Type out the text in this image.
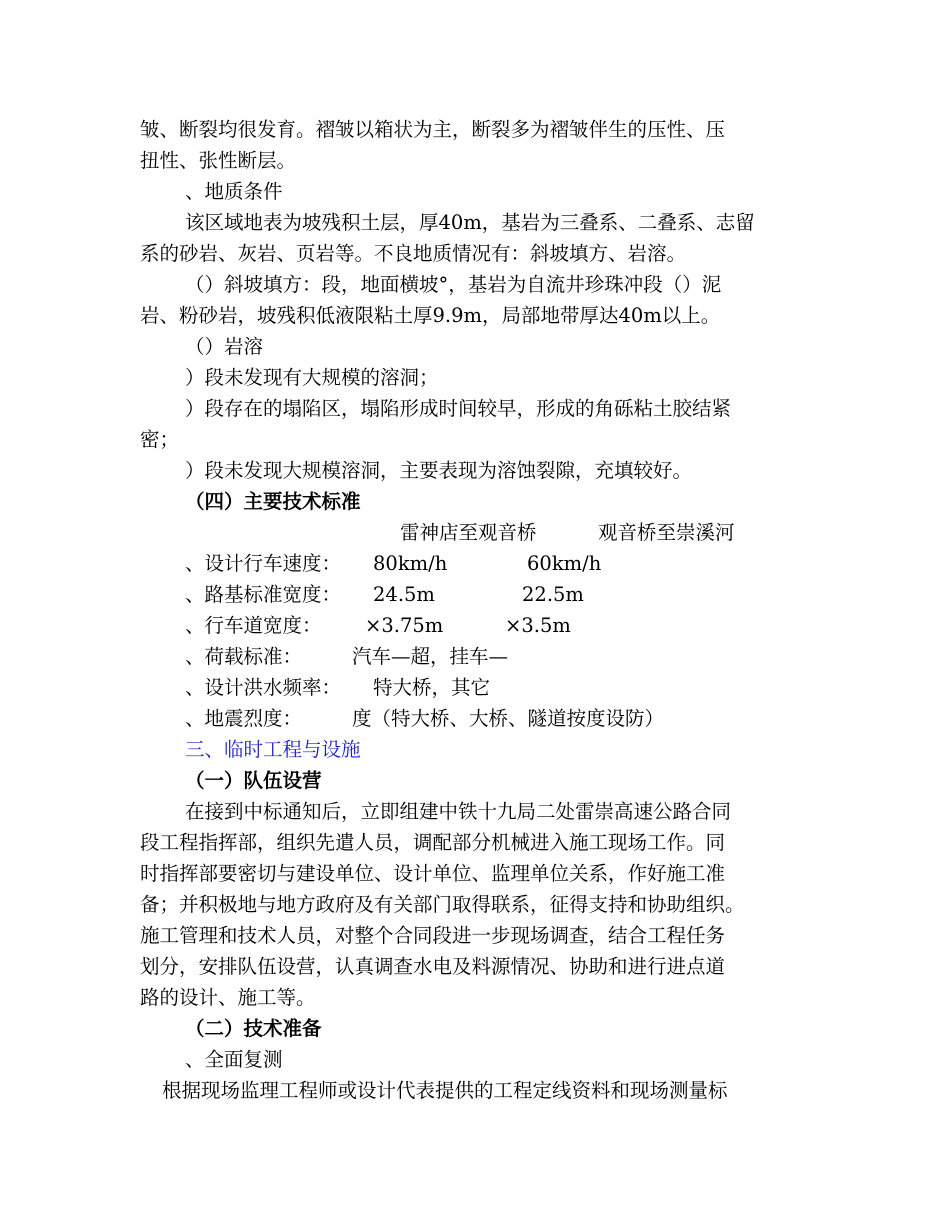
皱、断裂均很发育。褶皱以箱状为主，断裂多为褶皱伴生的压性、压
扭性、张性断层。
、地质条件
该区域地表为坡残积土层，厚40m，基岩为三叠系、二叠系、志留
系的砂岩、灰岩、页岩等。不良地质情况有：斜坡填方、岩溶。
（）斜坡填方：段，地面横坡°，基岩为自流井珍珠冲段（）泥
岩、粉砂岩，坡残积低液限粘土厚9.9m，局部地带厚达40m以上。
（）岩溶
）段未发现有大规模的溶洞；
）段存在的塌陷区，塌陷形成时间较早，形成的角砾粘土胶结紧
密；
）段未发现大规模溶洞，主要表现为溶蚀裂隙，充填较好。
（四）主要技术标准
雷神店至观音桥	观音桥至崇溪河
、设计行车速度： 80km/h	60km/h
、路基标准宽度： 24.5m	22.5m
、行车道宽度： ×3.75m	×3.5m
、荷载标准：	汽车—超，挂车—
、设计洪水频率： 特大桥，其它
、地震烈度：	度（特大桥、大桥、隧道按度设防）
三、临时工程与设施
（一）队伍设营
在接到中标通知后，立即组建中铁十九局二处雷崇高速公路合同
段工程指挥部，组织先遣人员，调配部分机械进入施工现场工作。同
时指挥部要密切与建设单位、设计单位、监理单位关系，作好施工准
备；并积极地与地方政府及有关部门取得联系，征得支持和协助组织。
施工管理和技术人员，对整个合同段进一步现场调查，结合工程任务
划分，安排队伍设营，认真调查水电及料源情况、协助和进行进点道
路的设计、施工等。
（二）技术准备
、全面复测
根据现场监理工程师或设计代表提供的工程定线资料和现场测量标
